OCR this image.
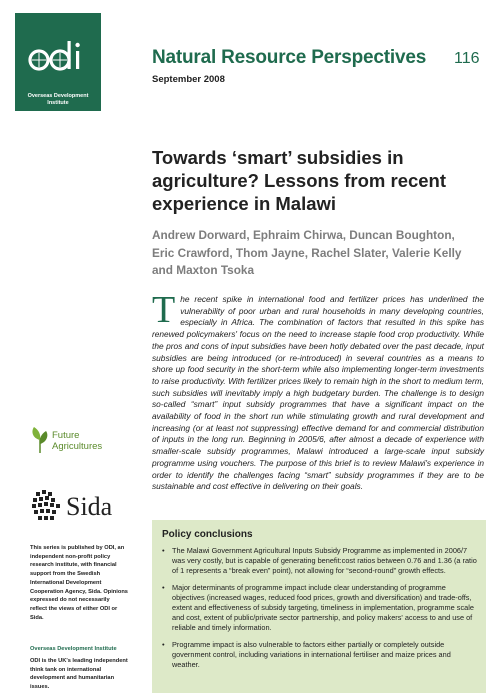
Overseas Development Institute
Future Agricultures
Sida
This series is published by ODI, an independent non-profit policy research institute, with financial support from the Swedish International Development Cooperation Agency, Sida. Opinions expressed do not necessarily reflect the views of either ODI or Sida.
Overseas Development Institute
ODI is the UK's leading independent think tank on international development and humanitarian issues.
Natural Resource Perspectives 116
September 2008
Towards ‘smart’ subsidies in agriculture? Lessons from recent experience in Malawi
Andrew Dorward, Ephraim Chirwa, Duncan Boughton, Eric Crawford, Thom Jayne, Rachel Slater, Valerie Kelly and Maxton Tsoka
The recent spike in international food and fertilizer prices has underlined the vulnerability of poor urban and rural households in many developing countries, especially in Africa. The combination of factors that resulted in this spike has renewed policymakers' focus on the need to increase staple food crop productivity. While the pros and cons of input subsidies have been hotly debated over the past decade, input subsidies are being introduced (or re-introduced) in several countries as a means to shore up food security in the short-term while also implementing longer-term investments to raise productivity. With fertilizer prices likely to remain high in the short to medium term, such subsidies will inevitably imply a high budgetary burden. The challenge is to design so-called “smart” input subsidy programmes that have a significant impact on the availability of food in the short run while stimulating growth and rural development and increasing (or at least not suppressing) effective demand for and commercial distribution of inputs in the long run. Beginning in 2005/6, after almost a decade of experience with smaller-scale subsidy programmes, Malawi introduced a large-scale input subsidy programme using vouchers. The purpose of this brief is to review Malawi's experience in order to identify the challenges facing “smart” subsidy programmes if they are to be sustainable and cost effective in delivering on their goals.
Policy conclusions
• The Malawi Government Agricultural Inputs Subsidy Programme as implemented in 2006/7 was very costly, but is capable of generating benefit:cost ratios between 0.76 and 1.36 (a ratio of 1 represents a “break even” point), not allowing for “second-round” growth effects.
• Major determinants of programme impact include clear understanding of programme objectives (increased wages, reduced food prices, growth and diversification) and trade-offs, extent and effectiveness of subsidy targeting, timeliness in implementation, programme scale and cost, extent of public/private sector partnership, and policy makers' access to and use of reliable and timely information.
• Programme impact is also vulnerable to factors either partially or completely outside government control, including variations in international fertiliser and maize prices and weather.
